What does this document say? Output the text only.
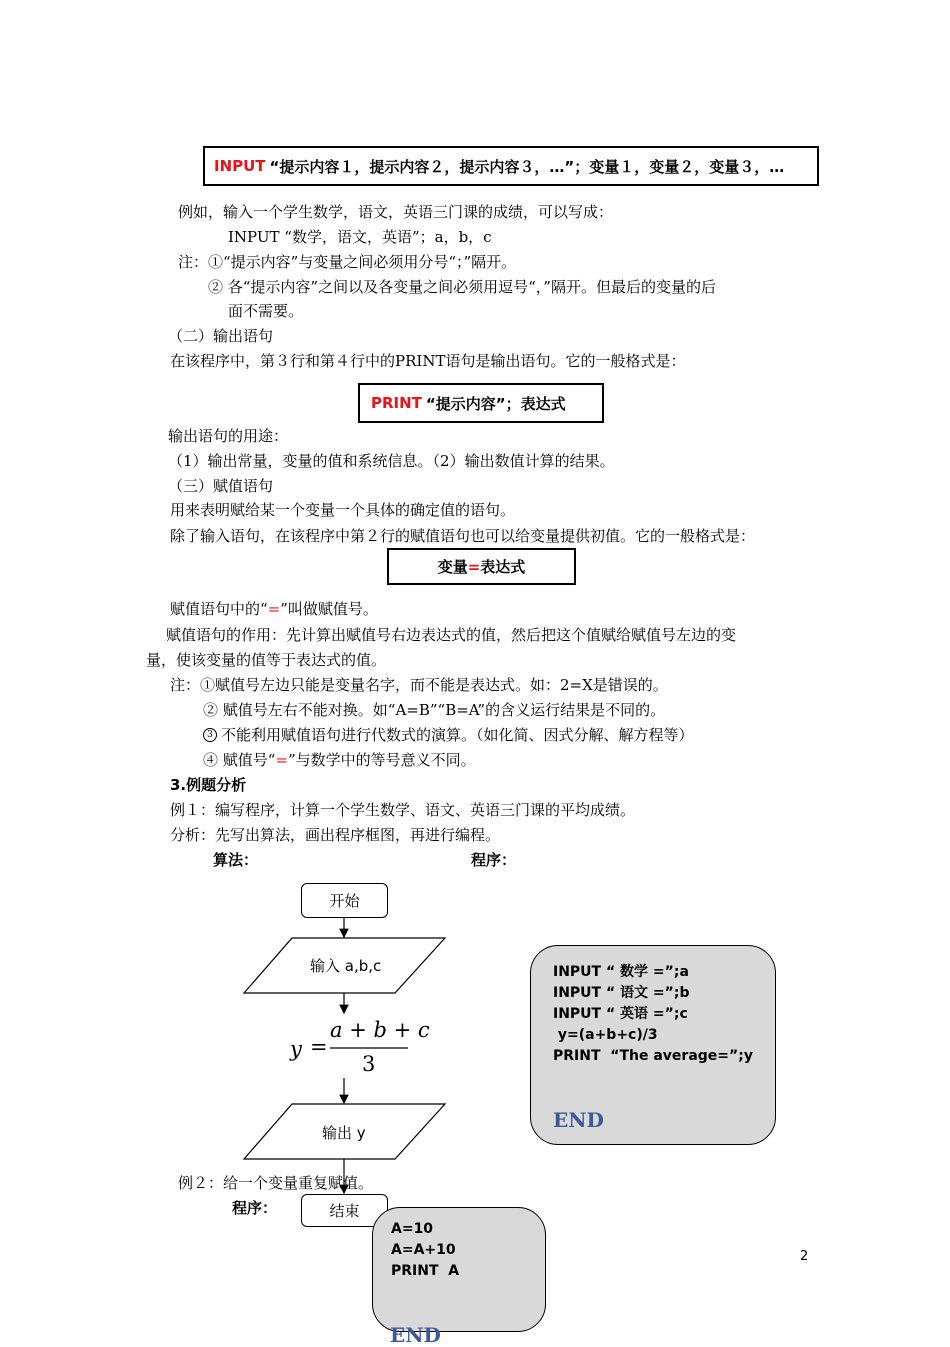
INPUT “提示内容１，提示内容２，提示内容３，…”；变量１，变量２，变量３，…
例如，输入一个学生数学，语文，英语三门课的成绩，可以写成：
INPUT “数学，语文，英语”；a，b，c
注：①“提示内容”与变量之间必须用分号“；”隔开。
② 各“提示内容”之间以及各变量之间必须用逗号“，”隔开。但最后的变量的后
面不需要。
（二）输出语句
在该程序中，第３行和第４行中的PRINT语句是输出语句。它的一般格式是：
PRINT “提示内容”；表达式
输出语句的用途：
（1）输出常量，变量的值和系统信息。（2）输出数值计算的结果。
（三）赋值语句
用来表明赋给某一个变量一个具体的确定值的语句。
除了输入语句，在该程序中第２行的赋值语句也可以给变量提供初值。它的一般格式是：
变量 = 表达式
赋值语句中的“=”叫做赋值号。
赋值语句的作用：先计算出赋值号右边表达式的值，然后把这个值赋给赋值号左边的变
量，使该变量的值等于表达式的值。
注：①赋值号左边只能是变量名字，而不能是表达式。如：2=X是错误的。
② 赋值号左右不能对换。如“A=B”“B=A”的含义运行结果是不同的。
3 不能利用赋值语句进行代数式的演算。（如化简、因式分解、解方程等）
④ 赋值号“=”与数学中的等号意义不同。
3.例题分析
例１：编写程序，计算一个学生数学、语文、英语三门课的平均成绩。
分析：先写出算法，画出程序框图，再进行编程。
算法：	程序：
开始
输入 a,b,c
y =
a + b + c
3
输出 y
例２：给一个变量重复赋值。
程序：	结束
INPUT “ 数学 =”;a
INPUT “ 语文 =”;b
INPUT “ 英语 =”;c
y=(a+b+c)/3
PRINT  “The average=”;y
END
A=10
A=A+10
PRINT  A
END
2
